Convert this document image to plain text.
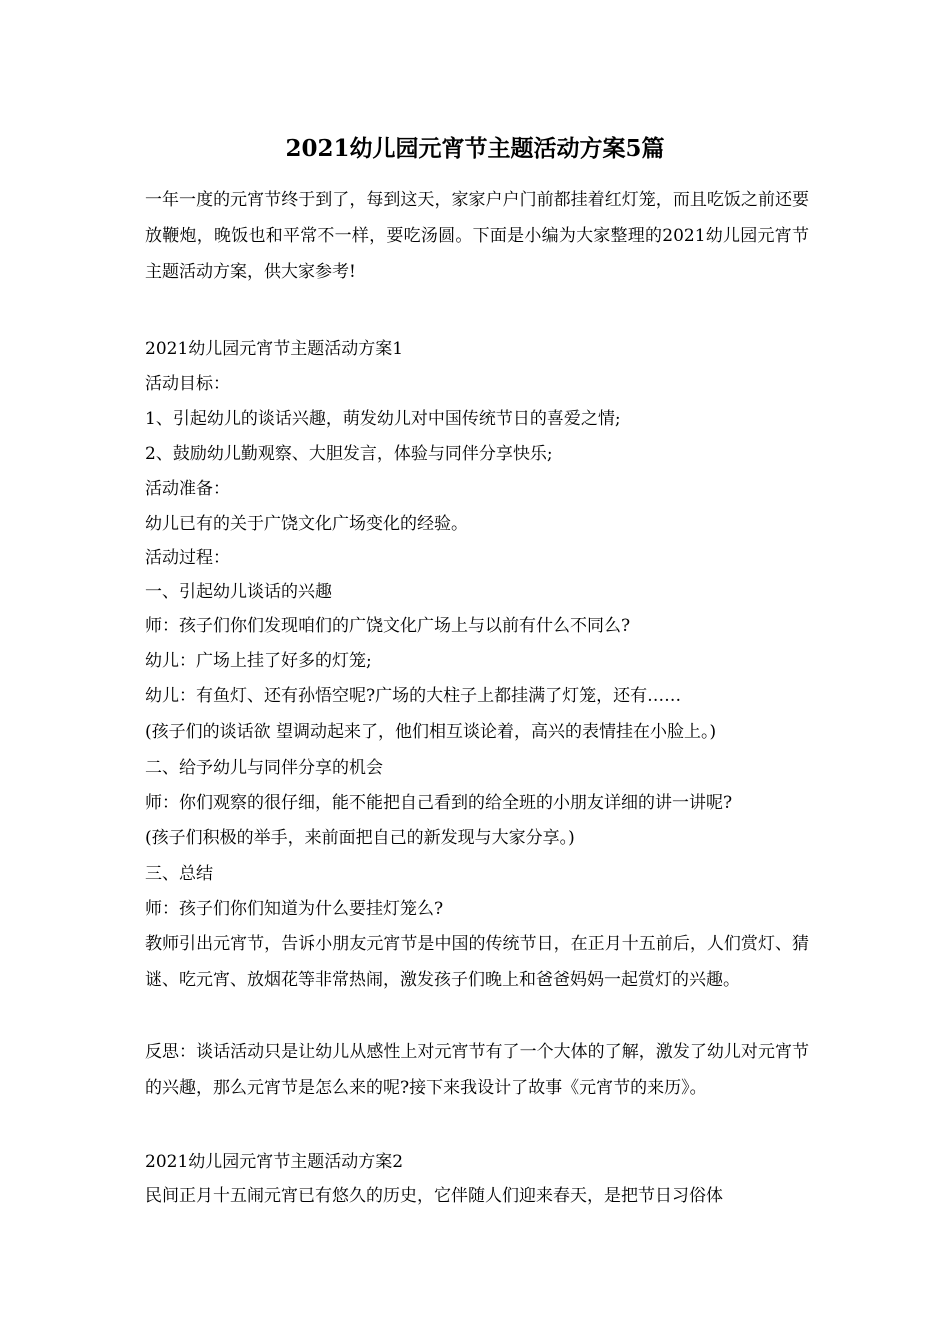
2021幼儿园元宵节主题活动方案5篇
一年一度的元宵节终于到了，每到这天，家家户户门前都挂着红灯笼，而且吃饭之前还要放鞭炮，晚饭也和平常不一样，要吃汤圆。下面是小编为大家整理的2021幼儿园元宵节主题活动方案，供大家参考!
2021幼儿园元宵节主题活动方案1
活动目标：
1、引起幼儿的谈话兴趣，萌发幼儿对中国传统节日的喜爱之情;
2、鼓励幼儿勤观察、大胆发言，体验与同伴分享快乐;
活动准备：
幼儿已有的关于广饶文化广场变化的经验。
活动过程：
一、引起幼儿谈话的兴趣
师：孩子们你们发现咱们的广饶文化广场上与以前有什么不同么?
幼儿：广场上挂了好多的灯笼;
幼儿：有鱼灯、还有孙悟空呢?广场的大柱子上都挂满了灯笼，还有……
(孩子们的谈话欲 望调动起来了，他们相互谈论着，高兴的表情挂在小脸上。)
二、给予幼儿与同伴分享的机会
师：你们观察的很仔细，能不能把自己看到的给全班的小朋友详细的讲一讲呢?
(孩子们积极的举手，来前面把自己的新发现与大家分享。)
三、总结
师：孩子们你们知道为什么要挂灯笼么?
教师引出元宵节，告诉小朋友元宵节是中国的传统节日，在正月十五前后，人们赏灯、猜谜、吃元宵、放烟花等非常热闹，激发孩子们晚上和爸爸妈妈一起赏灯的兴趣。
反思：谈话活动只是让幼儿从感性上对元宵节有了一个大体的了解，激发了幼儿对元宵节的兴趣，那么元宵节是怎么来的呢?接下来我设计了故事《元宵节的来历》。
2021幼儿园元宵节主题活动方案2
民间正月十五闹元宵已有悠久的历史，它伴随人们迎来春天，是把节日习俗体
